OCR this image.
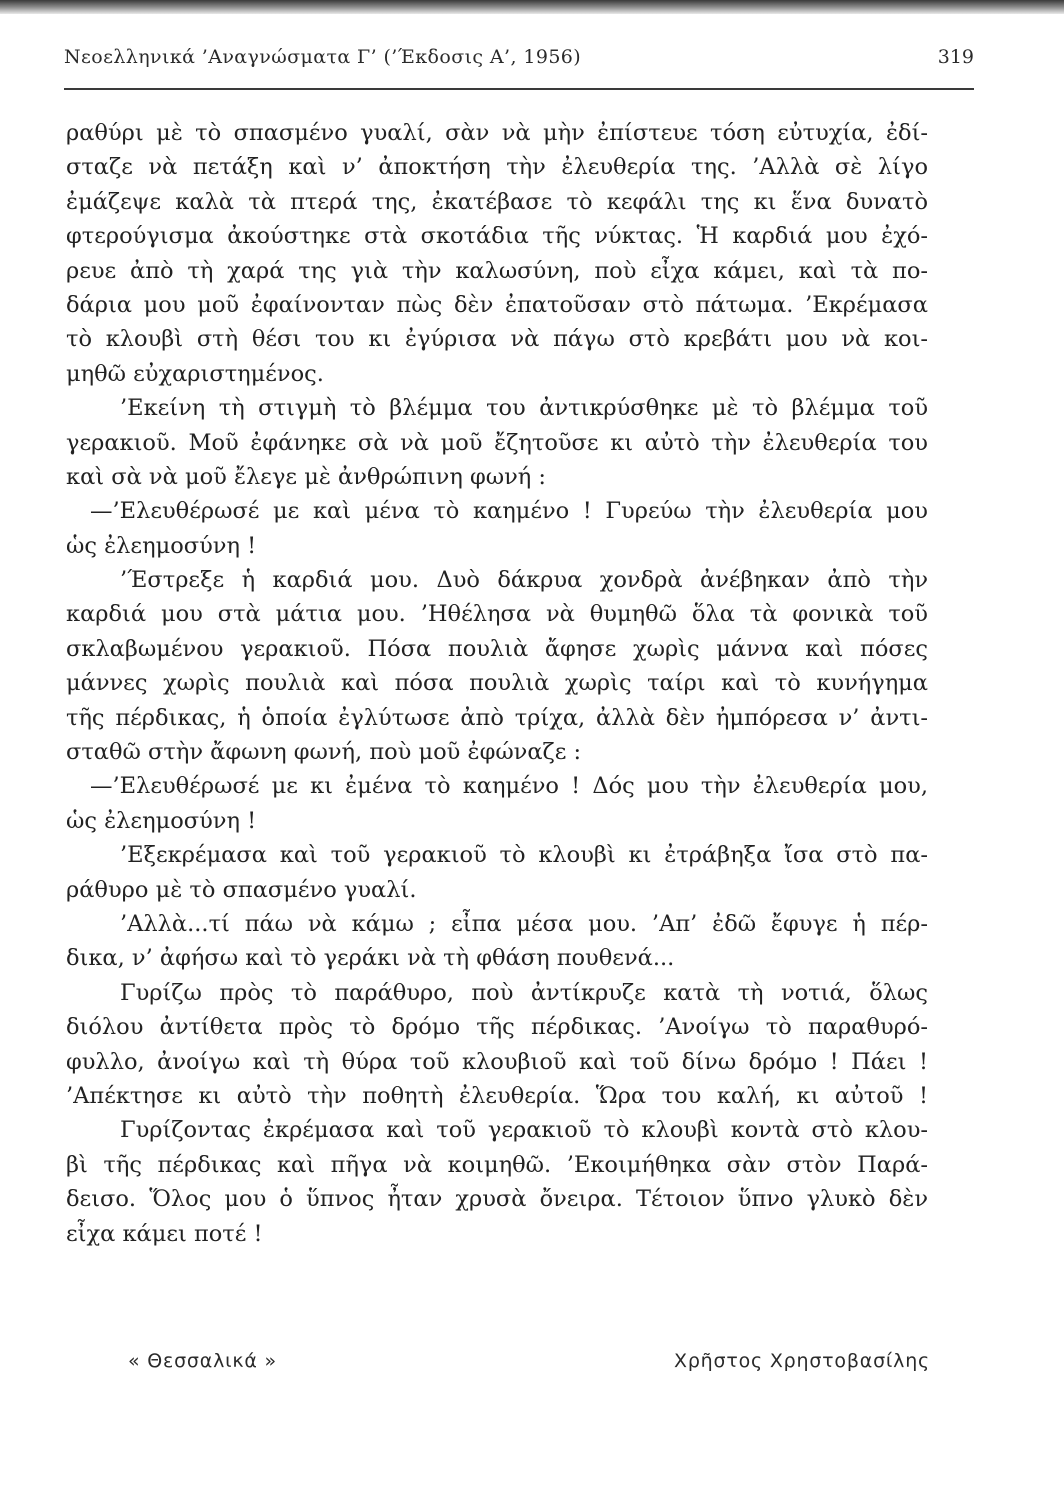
Νεοελληνικά ’Αναγνώσματα Γ’ (’Έκδοσις Α’, 1956)	319
ραθύρι μὲ τὸ σπασμένο γυαλί, σὰν νὰ μὴν ἐπίστευε τόση εὐτυχία, ἐδί-
σταζε νὰ πετάξη καὶ ν’ ἀποκτήση τὴν ἐλευθερία της. ’Αλλὰ σὲ λίγο
ἐμάζεψε καλὰ τὰ πτερά της, ἐκατέβασε τὸ κεφάλι της κι ἕνα δυνατὸ
φτερούγισμα ἀκούστηκε στὰ σκοτάδια τῆς νύκτας. Ἡ καρδιά μου ἐχό-
ρευε ἀπὸ τὴ χαρά της γιὰ τὴν καλωσύνη, ποὺ εἶχα κάμει, καὶ τὰ πο-
δάρια μου μοῦ ἐφαίνονταν πὼς δὲν ἐπατοῦσαν στὸ πάτωμα. ’Εκρέμασα
τὸ κλουβὶ στὴ θέσι του κι ἐγύρισα νὰ πάγω στὸ κρεβάτι μου νὰ κοι-
μηθῶ εὐχαριστημένος.
’Εκείνη τὴ στιγμὴ τὸ βλέμμα του ἀντικρύσθηκε μὲ τὸ βλέμμα τοῦ
γερακιοῦ. Μοῦ ἐφάνηκε σὰ νὰ μοῦ ἔζητοῦσε κι αὐτὸ τὴν ἐλευθερία του
καὶ σὰ νὰ μοῦ ἔλεγε μὲ ἀνθρώπινη φωνή :
—’Ελευθέρωσέ με καὶ μένα τὸ καημένο ! Γυρεύω τὴν ἐλευθερία μου
ὡς ἐλεημοσύνη !
’Έστρεξε ἡ καρδιά μου. Δυὸ δάκρυα χονδρὰ ἀνέβηκαν ἀπὸ τὴν
καρδιά μου στὰ μάτια μου. ’Ηθέλησα νὰ θυμηθῶ ὅλα τὰ φονικὰ τοῦ
σκλαβωμένου γερακιοῦ. Πόσα πουλιὰ ἄφησε χωρὶς μάννα καὶ πόσες
μάννες χωρὶς πουλιὰ καὶ πόσα πουλιὰ χωρὶς ταίρι καὶ τὸ κυνήγημα
τῆς πέρδικας, ἡ ὁποία ἐγλύτωσε ἀπὸ τρίχα, ἀλλὰ δὲν ἠμπόρεσα ν’ ἀντι-
σταθῶ στὴν ἄφωνη φωνή, ποὺ μοῦ ἐφώναζε :
—’Ελευθέρωσέ με κι ἐμένα τὸ καημένο ! Δός μου τὴν ἐλευθερία μου,
ὡς ἐλεημοσύνη !
’Εξεκρέμασα καὶ τοῦ γερακιοῦ τὸ κλουβὶ κι ἐτράβηξα ἴσα στὸ πα-
ράθυρο μὲ τὸ σπασμένο γυαλί.
’Αλλὰ...τί πάω νὰ κάμω ; εἶπα μέσα μου. ’Απ’ ἐδῶ ἔφυγε ἡ πέρ-
δικα, ν’ ἀφήσω καὶ τὸ γεράκι νὰ τὴ φθάση πουθενά...
Γυρίζω πρὸς τὸ παράθυρο, ποὺ ἀντίκρυζε κατὰ τὴ νοτιά, ὅλως
διόλου ἀντίθετα πρὸς τὸ δρόμο τῆς πέρδικας. ’Ανοίγω τὸ παραθυρό-
φυλλο, ἀνοίγω καὶ τὴ θύρα τοῦ κλουβιοῦ καὶ τοῦ δίνω δρόμο ! Πάει !
’Απέκτησε κι αὐτὸ τὴν ποθητὴ ἐλευθερία. Ὥρα του καλή, κι αὐτοῦ !
Γυρίζοντας ἐκρέμασα καὶ τοῦ γερακιοῦ τὸ κλουβὶ κοντὰ στὸ κλου-
βὶ τῆς πέρδικας καὶ πῆγα νὰ κοιμηθῶ. ’Εκοιμήθηκα σὰν στὸν Παρά-
δεισο. Ὅλος μου ὁ ὕπνος ἦταν χρυσὰ ὄνειρα. Τέτοιον ὕπνο γλυκὸ δὲν
εἶχα κάμει ποτέ !
« Θεσσαλικά »	Χρῆστος Χρηστοβασίλης
